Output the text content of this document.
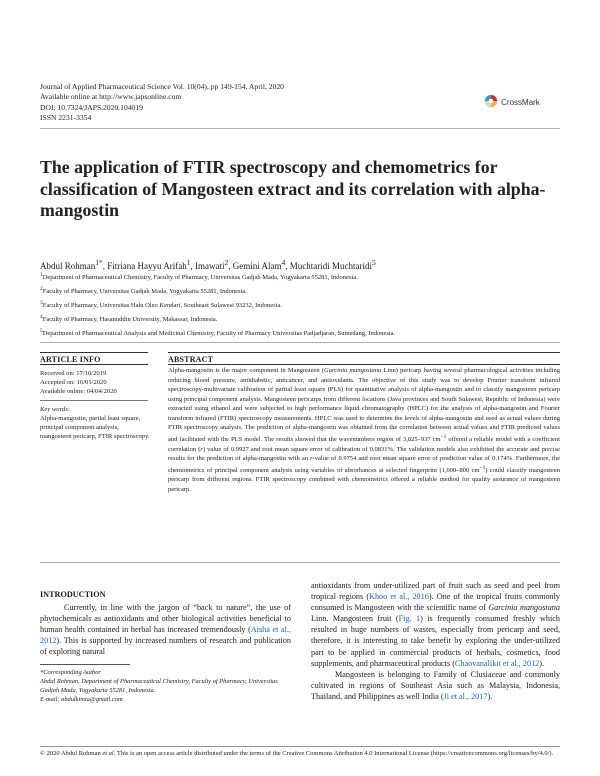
Journal of Applied Pharmaceutical Science Vol. 10(04), pp 149-154, April, 2020
Available online at http://www.japsonline.com
DOI: 10.7324/JAPS.2020.104019
ISSN 2231-3354
CrossMark
The application of FTIR spectroscopy and chemometrics for classification of Mangosteen extract and its correlation with alpha-mangostin
Abdul Rohman$^{1*}$, Fitriana Hayyu Arifah$^1$, Imawati$^2$, Gemini Alam$^4$, Muchtaridi Muchtaridi$^5$
$^1$Department of Pharmaceutical Chemistry, Faculty of Pharmacy, Universitas Gadjah Mada, Yogyakarta 55281, Indonesia.
$^2$Faculty of Pharmacy, Universitas Gadjah Mada, Yogyakarta 55281, Indonesia.
$^3$Faculty of Pharmacy, Universitas Halu Oleo Kendari, Southeast Sulawesi 93232, Indonesia.
$^4$Faculty of Pharmacy, Hasanuddin University, Makassar, Indonesia.
$^5$Department of Pharmaceutical Analysis and Medicinal Chemistry, Faculty of Pharmacy Universitas Padjadjaran, Sumedang, Indonesia.
ARTICLE INFO
Received on: 17/10/2019
Accepted on: 16/01/2020
Available online: 04/04/2020
Key words:
Alpha-mangostin, partial least square, principal component analysis, mangosteen pericarp, FTIR spectroscopy.
ABSTRACT
Alpha-mangostin is the major component in Mangosteen (Garcinia mangostana Linn) pericarp having several pharmacological activities including reducing blood pressure, antidiabetic, anticancer, and antioxidants. The objective of this study was to develop Fourier transform infrared spectroscopy-multivariate calibration of partial least square (PLS) for quantitative analysis of alpha-mangostin and to classify mangosteen pericarp using principal component analysis. Mangosteen pericarps from different locations (Java provinces and South Sulawesi, Republic of Indonesia) were extracted using ethanol and were subjected to high performance liquid chromatography (HPLC) for the analysis of alpha-mangostin and Fourier transform infrared (FTIR) spectroscopy measurements. HPLC was used to determine the levels of alpha-mangostin and used as actual values during FTIR spectroscopy analysis. The prediction of alpha-mangostin was obtained from the correlation between actual values and FTIR predicted values and facilitated with the PLS model. The results showed that the wavenumbers region of 3,825–937 $cm^{-1}$ offered a reliable model with a coefficient correlation (r) value of 0.9927 and root mean square error of calibration of 0.0831%. The validation models also exhibited the accurate and precise results for the prediction of alpha-mangostin with an r-value of 0.9754 and root mean square error of prediction value of 0.174%. Furthermore, the chemometrics of principal component analysis using variables of absorbances at selected fingerprint (1,000–800 $cm^{-1}$) could classify mangosteen pericarp from different regions. FTIR spectroscopy combined with chemometrics offered a reliable method for quality assurance of mangosteen pericarp.
INTRODUCTION
Currently, in line with the jargon of “back to nature”, the use of phytochemicals as antioxidants and other biological activities beneficial to human health contained in herbal has increased tremendously (Aisha et al., 2012). This is supported by increased numbers of research and publication of exploring natural
antioxidants from under-utilized part of fruit such as seed and peel from tropical regions (Khoo et al., 2016). One of the tropical fruits commonly consumed is Mangosteen with the scientific name of Garcinia mangostana Linn. Mangosteen fruit (Fig. 1) is frequently consumed freshly which resulted in huge numbers of wastes, especially from pericarp and seed, therefore, it is interesting to take benefit by exploring the under-utilized part to be applied in commercial products of herbals, cosmetics, food supplements, and pharmaceutical products (Chaovanalikit et al., 2012).
Mangosteen is belonging to Family of Clusiaceae and commonly cultivated in regions of Southeast Asia such as Malaysia, Indonesia, Thailand, and Philippines as well India (Ji et al., 2017).
*Corresponding Author
Abdul Rohman, Department of Pharmaceutical Chemistry, Faculty of Pharmacy, Universitas Gadjah Mada, Yogyakarta 55281, Indonesia.
E-mail: abdulkimia@gmail.com
© 2020 Abdul Rohman et al. This is an open access article distributed under the terms of the Creative Commons Attribution 4.0 International License (https://creativecommons.org/licenses/by/4.0/).
